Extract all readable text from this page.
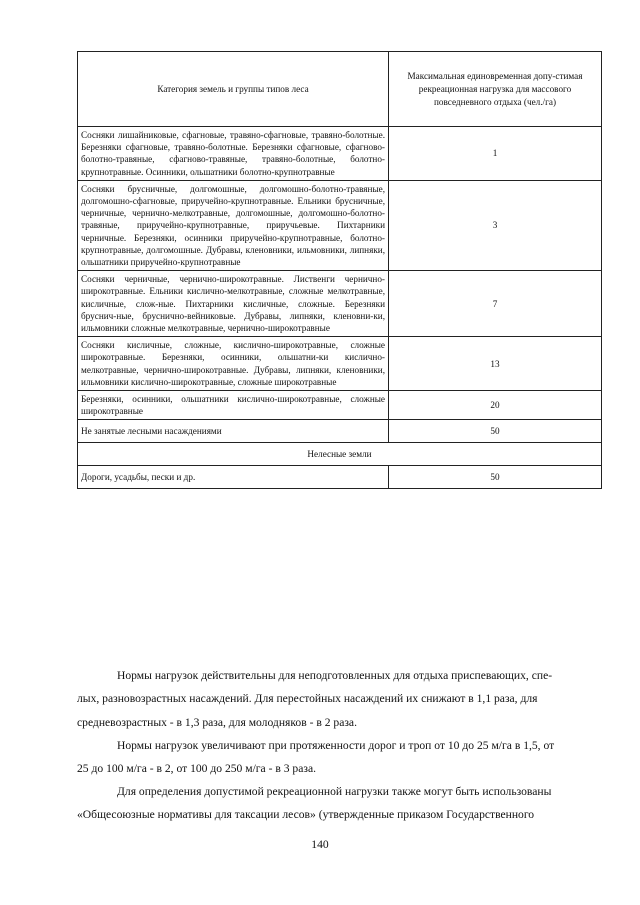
Категория земель и группы типов леса	Максимальная единовременная допу-стимая рекреационная нагрузка для массового повседневного отдыха (чел./га)
Сосняки лишайниковые, сфагновые, травяно-сфагновые, травяно-болотные. Березняки сфагновые, травяно-болотные. Березняки сфагновые, сфагново-болотно-травяные, сфагново-травяные, травяно-болотные, болотно-крупнотравные. Осинники, ольшатники болотно-крупнотравные	1
Сосняки брусничные, долгомошные, долгомошно-болотно-травяные, долгомошно-сфагновые, приручейно-крупнотравные. Ельники брусничные, черничные, чернично-мелкотравные, долгомошные, долгомошно-болотно-травяные, приручейно-крупнотравные, приручьевые. Пихтарники черничные. Березняки, осинники приручейно-крупнотравные, болотно-крупнотравные, долгомошные. Дубравы, кленовники, ильмовники, липняки, ольшатники приручейно-крупнотравные	3
Сосняки черничные, чернично-широкотравные. Лиственги чернично-широкотравные. Ельники кислично-мелкотравные, сложные мелкотравные, кисличные, слож-ные. Пихтарники кисличные, сложные. Березняки бруснич-ные, бруснично-вейниковые. Дубравы, липняки, кленовни-ки, ильмовники сложные мелкотравные, чернично-широкотравные	7
Сосняки кисличные, сложные, кислично-широкотравные, сложные широкотравные. Березняки, осинники, ольшатни-ки кислично-мелкотравные, чернично-широкотравные. Дубравы, липняки, кленовники, ильмовники кислично-широкотравные, сложные широкотравные	13
Березняки, осинники, ольшатники кислично-широкотравные, сложные широкотравные	20
Не занятые лесными насаждениями	50
Нелесные земли	
Дороги, усадьбы, пески и др.	50
Нормы нагрузок действительны для неподготовленных для отдыха приспевающих, спе-
лых, разновозрастных насаждений. Для перестойных насаждений их снижают в 1,1 раза, для
средневозрастных - в 1,3 раза, для молодняков - в 2 раза.
Нормы нагрузок увеличивают при протяженности дорог и троп от 10 до 25 м/га в 1,5, от
25 до 100 м/га - в 2, от 100 до 250 м/га - в 3 раза.
Для определения допустимой рекреационной нагрузки также могут быть использованы
«Общесоюзные нормативы для таксации лесов» (утвержденные приказом Государственного
140
